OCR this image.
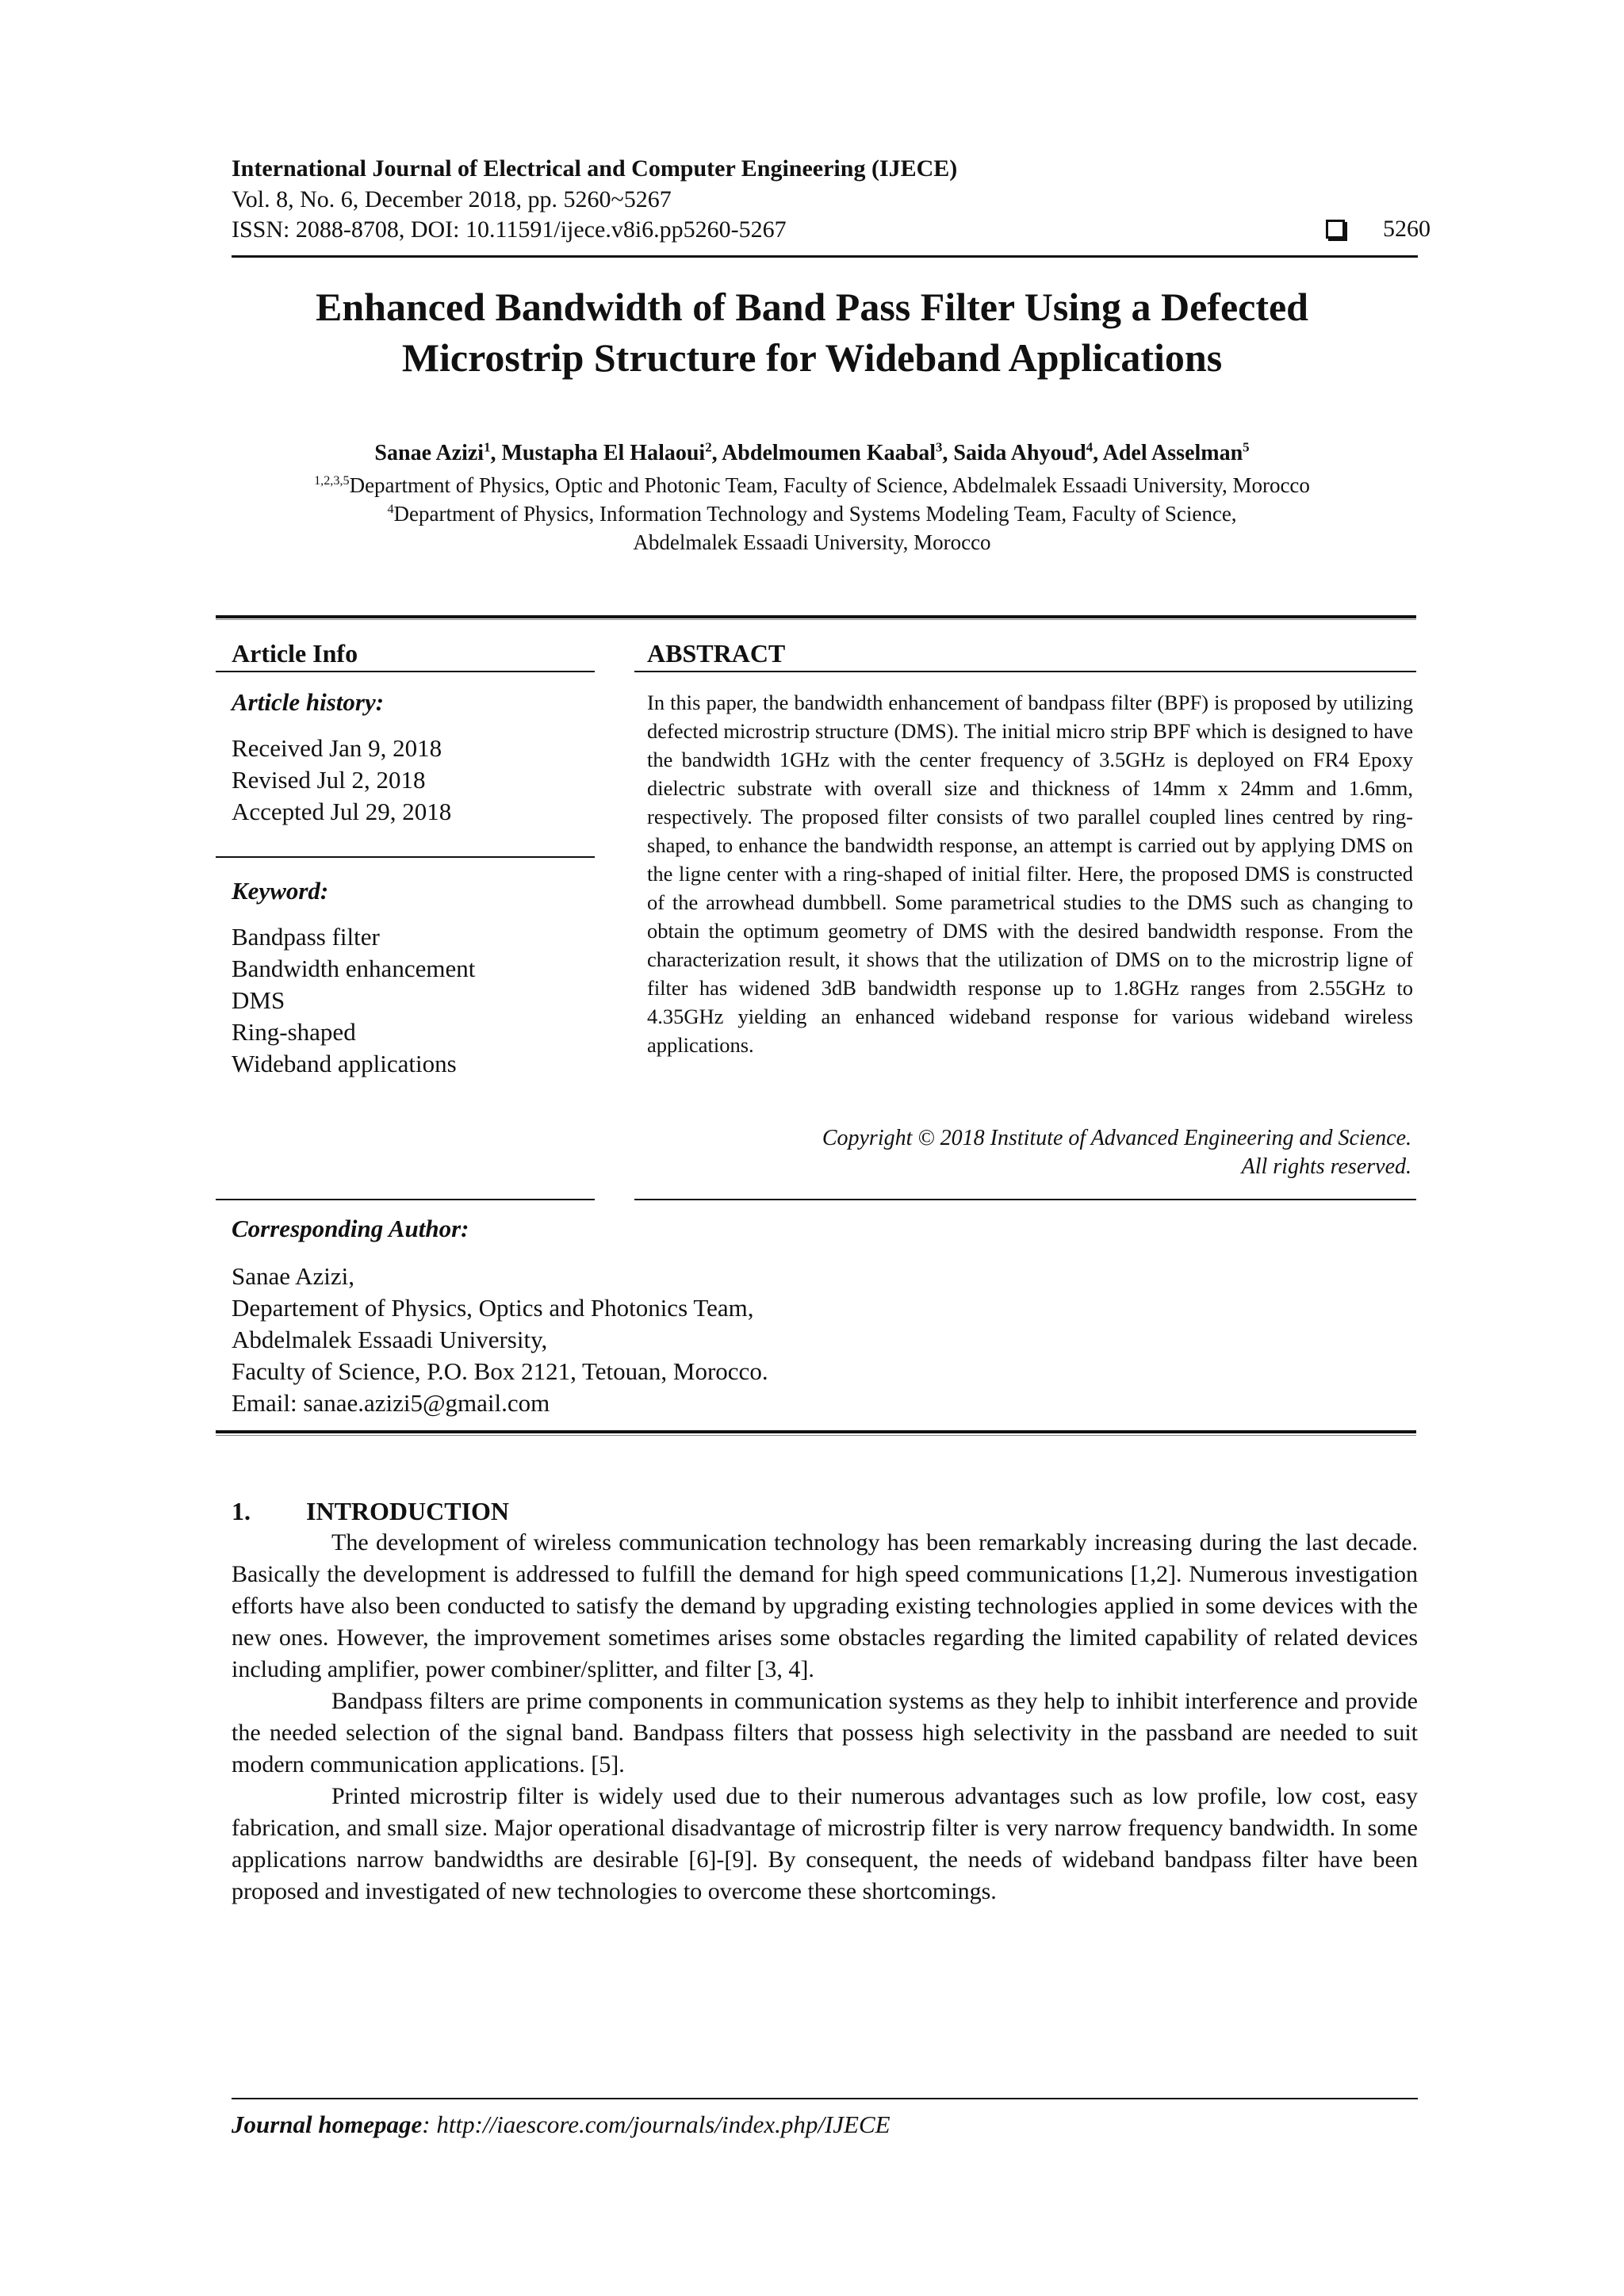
International Journal of Electrical and Computer Engineering (IJECE)
Vol. 8, No. 6, December 2018, pp. 5260~5267
ISSN: 2088-8708, DOI: 10.11591/ijece.v8i6.pp5260-5267	5260
Enhanced Bandwidth of Band Pass Filter Using a Defected
Microstrip Structure for Wideband Applications
Sanae Azizi$^1$, Mustapha El Halaoui$^2$, Abdelmoumen Kaabal$^3$, Saida Ahyoud$^4$, Adel Asselman$^5$
$^{1,2,3,5}$Department of Physics, Optic and Photonic Team, Faculty of Science, Abdelmalek Essaadi University, Morocco
$^4$Department of Physics, Information Technology and Systems Modeling Team, Faculty of Science,
Abdelmalek Essaadi University, Morocco
Article Info
Article history:
Received Jan 9, 2018
Revised Jul 2, 2018
Accepted Jul 29, 2018
Keyword:
Bandpass filter
Bandwidth enhancement
DMS
Ring-shaped
Wideband applications
ABSTRACT
In this paper, the bandwidth enhancement of bandpass filter (BPF) is proposed by utilizing defected microstrip structure (DMS). The initial micro strip BPF which is designed to have the bandwidth 1GHz with the center frequency of 3.5GHz is deployed on FR4 Epoxy dielectric substrate with overall size and thickness of 14mm x 24mm and 1.6mm, respectively. The proposed filter consists of two parallel coupled lines centred by ring-shaped, to enhance the bandwidth response, an attempt is carried out by applying DMS on the ligne center with a ring-shaped of initial filter. Here, the proposed DMS is constructed of the arrowhead dumbbell. Some parametrical studies to the DMS such as changing to obtain the optimum geometry of DMS with the desired bandwidth response. From the characterization result, it shows that the utilization of DMS on to the microstrip ligne of filter has widened 3dB bandwidth response up to 1.8GHz ranges from 2.55GHz to 4.35GHz yielding an enhanced wideband response for various wideband wireless applications.
Copyright © 2018 Institute of Advanced Engineering and Science.
All rights reserved.
Corresponding Author:
Sanae Azizi,
Departement of Physics, Optics and Photonics Team,
Abdelmalek Essaadi University,
Faculty of Science, P.O. Box 2121, Tetouan, Morocco.
Email: sanae.azizi5@gmail.com
1. INTRODUCTION

The development of wireless communication technology has been remarkably increasing during the last decade. Basically the development is addressed to fulfill the demand for high speed communications [1,2]. Numerous investigation efforts have also been conducted to satisfy the demand by upgrading existing technologies applied in some devices with the new ones. However, the improvement sometimes arises some obstacles regarding the limited capability of related devices including amplifier, power combiner/splitter, and filter [3, 4].

Bandpass filters are prime components in communication systems as they help to inhibit interference and provide the needed selection of the signal band. Bandpass filters that possess high selectivity in the passband are needed to suit modern communication applications. [5].

Printed microstrip filter is widely used due to their numerous advantages such as low profile, low cost, easy fabrication, and small size. Major operational disadvantage of microstrip filter is very narrow frequency bandwidth. In some applications narrow bandwidths are desirable [6]-[9]. By consequent, the needs of wideband bandpass filter have been proposed and investigated of new technologies to overcome these shortcomings.

Journal homepage: http://iaescore.com/journals/index.php/IJECE
